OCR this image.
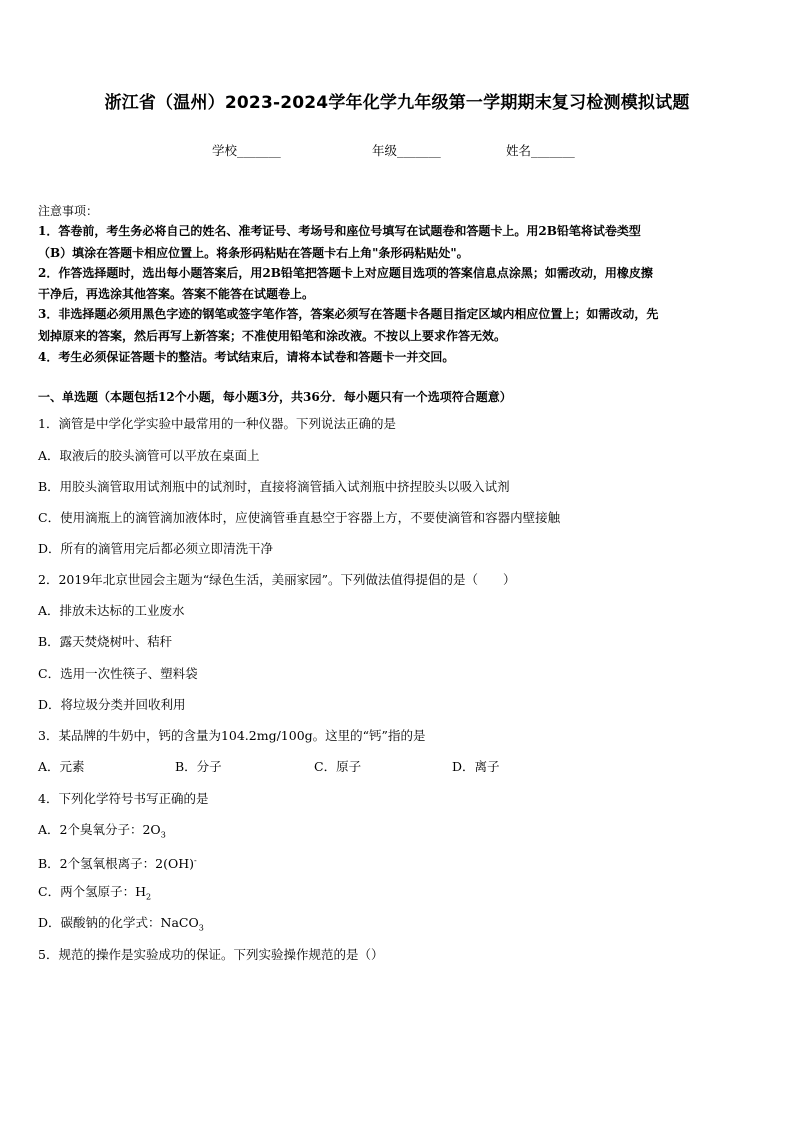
浙江省（温州）2023-2024学年化学九年级第一学期期末复习检测模拟试题
学校_______	年级_______	姓名_______
注意事项：
1．答卷前，考生务必将自己的姓名、准考证号、考场号和座位号填写在试题卷和答题卡上。用2B铅笔将试卷类型
（B）填涂在答题卡相应位置上。将条形码粘贴在答题卡右上角"条形码粘贴处"。
2．作答选择题时，选出每小题答案后，用2B铅笔把答题卡上对应题目选项的答案信息点涂黑；如需改动，用橡皮擦
干净后，再选涂其他答案。答案不能答在试题卷上。
3．非选择题必须用黑色字迹的钢笔或签字笔作答，答案必须写在答题卡各题目指定区域内相应位置上；如需改动，先
划掉原来的答案，然后再写上新答案；不准使用铅笔和涂改液。不按以上要求作答无效。
4．考生必须保证答题卡的整洁。考试结束后，请将本试卷和答题卡一并交回。
一、单选题（本题包括12个小题，每小题3分，共36分．每小题只有一个选项符合题意）
1．滴管是中学化学实验中最常用的一种仪器。下列说法正确的是
A．取液后的胶头滴管可以平放在桌面上
B．用胶头滴管取用试剂瓶中的试剂时，直接将滴管插入试剂瓶中挤捏胶头以吸入试剂
C．使用滴瓶上的滴管滴加液体时，应使滴管垂直悬空于容器上方，不要使滴管和容器内壁接触
D．所有的滴管用完后都必须立即清洗干净
2．2019年北京世园会主题为“绿色生活，美丽家园”。下列做法值得提倡的是（　　）
A．排放未达标的工业废水
B．露天焚烧树叶、秸秆
C．选用一次性筷子、塑料袋
D．将垃圾分类并回收利用
3．某品牌的牛奶中，钙的含量为104.2mg/100g。这里的“钙”指的是
A．元素	B．分子	C．原子	D．离子
4．下列化学符号书写正确的是
A．2个臭氧分子：$2O_3$
B．2个氢氧根离子：2(OH)-
C．两个氢原子：$H_2$
D．碳酸钠的化学式：NaCO$_3$
5．规范的操作是实验成功的保证。下列实验操作规范的是（）
